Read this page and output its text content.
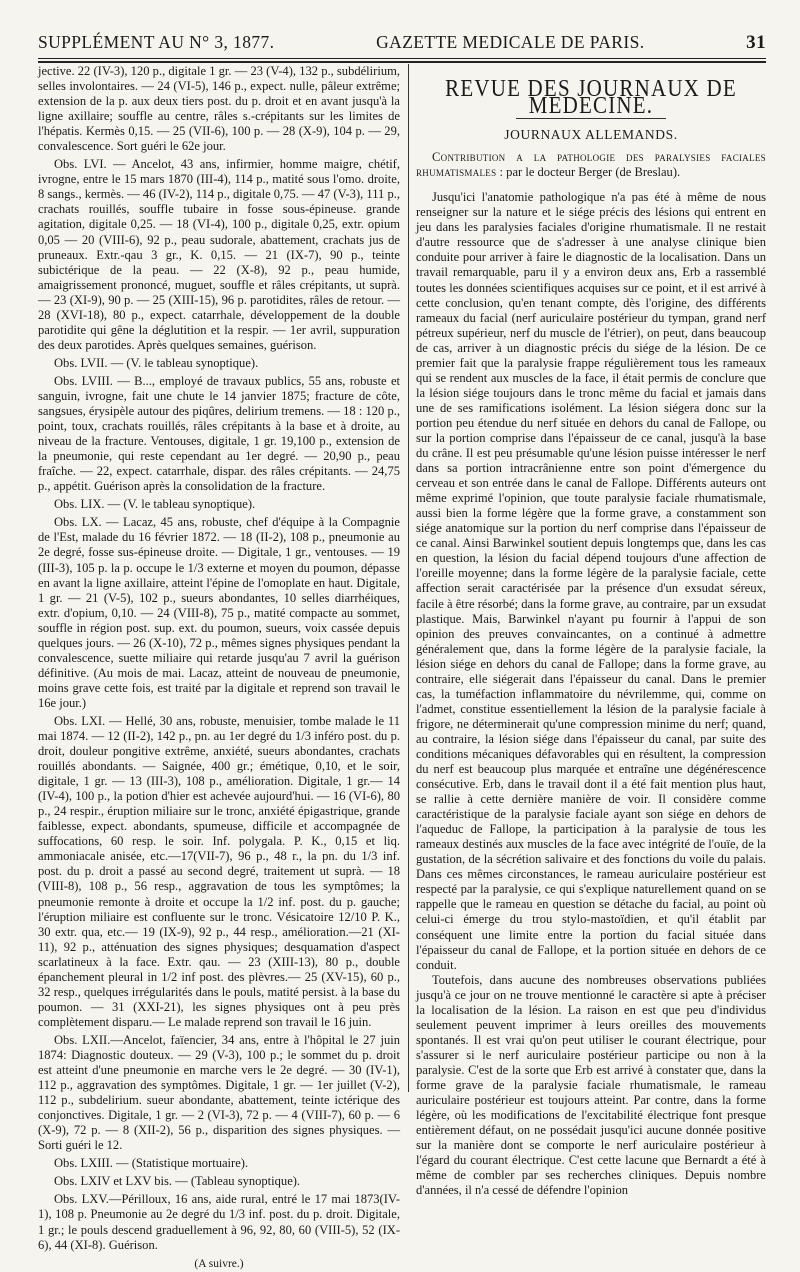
SUPPLÉMENT AU N° 3, 1877.	GAZETTE MEDICALE DE PARIS.	31

jective. 22 (IV-3), 120 p., digitale 1 gr. — 23 (V-4), 132 p., subdélirium, selles involontaires. — 24 (VI-5), 146 p., expect. nulle, pâleur extrême; extension de la p. aux deux tiers post. du p. droit et en avant jusqu'à la ligne axillaire; souffle au centre, râles s.-crépitants sur les limites de l'hépatis. Kermès 0,15. — 25 (VII-6), 100 p. — 28 (X-9), 104 p. — 29, convalescence. Sort guéri le 62e jour.

Obs. LVI. — Ancelot, 43 ans, infirmier, homme maigre, chétif, ivrogne, entre le 15 mars 1870 (III-4), 114 p., matité sous l'omo. droite, 8 sangs., kermès. — 46 (IV-2), 114 p., digitale 0,75. — 47 (V-3), 111 p., crachats rouillés, souffle tubaire in fosse sous-épineuse. grande agitation, digitale 0,25. — 18 (VI-4), 100 p., digitale 0,25, extr. opium 0,05 — 20 (VIII-6), 92 p., peau sudorale, abattement, crachats jus de pruneaux. Extr.-qau 3 gr., K. 0,15. — 21 (IX-7), 90 p., teinte subictérique de la peau. — 22 (X-8), 92 p., peau humide, amaigrissement prononcé, muguet, souffle et râles crépitants, ut suprà. — 23 (XI-9), 90 p. — 25 (XIII-15), 96 p. parotidites, râles de retour. — 28 (XVI-18), 80 p., expect. catarrhale, développement de la double parotidite qui gêne la déglutition et la respir. — 1er avril, suppuration des deux parotides. Après quelques semaines, guérison.

Obs. LVII. — (V. le tableau synoptique).

Obs. LVIII. — B..., employé de travaux publics, 55 ans, robuste et sanguin, ivrogne, fait une chute le 14 janvier 1875; fracture de côte, sangsues, érysipèle autour des piqûres, delirium tremens. — 18 : 120 p., point, toux, crachats rouillés, râles crépitants à la base et à droite, au niveau de la fracture. Ventouses, digitale, 1 gr. 19,100 p., extension de la pneumonie, qui reste cependant au 1er degré. — 20,90 p., peau fraîche. — 22, expect. catarrhale, dispar. des râles crépitants. — 24,75 p., appétit. Guérison après la consolidation de la fracture.

Obs. LIX. — (V. le tableau synoptique).

Obs. LX. — Lacaz, 45 ans, robuste, chef d'équipe à la Compagnie de l'Est, malade du 16 février 1872. — 18 (II-2), 108 p., pneumonie au 2e degré, fosse sus-épineuse droite. — Digitale, 1 gr., ventouses. — 19 (III-3), 105 p. la p. occupe le 1/3 externe et moyen du poumon, dépasse en avant la ligne axillaire, atteint l'épine de l'omoplate en haut. Digitale, 1 gr. — 21 (V-5), 102 p., sueurs abondantes, 10 selles diarrhéiques, extr. d'opium, 0,10. — 24 (VIII-8), 75 p., matité compacte au sommet, souffle in région post. sup. ext. du poumon, sueurs, voix cassée depuis quelques jours. — 26 (X-10), 72 p., mêmes signes physiques pendant la convalescence, suette miliaire qui retarde jusqu'au 7 avril la guérison définitive. (Au mois de mai. Lacaz, atteint de nouveau de pneumonie, moins grave cette fois, est traité par la digitale et reprend son travail le 16e jour.)

Obs. LXI. — Hellé, 30 ans, robuste, menuisier, tombe malade le 11 mai 1874. — 12 (II-2), 142 p., pn. au 1er degré du 1/3 inféro post. du p. droit, douleur pongitive extrême, anxiété, sueurs abondantes, crachats rouillés abondants. — Saignée, 400 gr.; émétique, 0,10, et le soir, digitale, 1 gr. — 13 (III-3), 108 p., amélioration. Digitale, 1 gr.— 14 (IV-4), 100 p., la potion d'hier est achevée aujourd'hui. — 16 (VI-6), 80 p., 24 respir., éruption miliaire sur le tronc, anxiété épigastrique, grande faiblesse, expect. abondants, spumeuse, difficile et accompagnée de suffocations, 60 resp. le soir. Inf. polygala. P. K., 0,15 et liq. ammoniacale anisée, etc.—17(VII-7), 96 p., 48 r., la pn. du 1/3 inf. post. du p. droit a passé au second degré, traitement ut suprà. — 18 (VIII-8), 108 p., 56 resp., aggravation de tous les symptômes; la pneumonie remonte à droite et occupe la 1/2 inf. post. du p. gauche; l'éruption miliaire est confluente sur le tronc. Vésicatoire 12/10 P. K., 30 extr. qua, etc.— 19 (IX-9), 92 p., 44 resp., amélioration.—21 (XI-11), 92 p., atténuation des signes physiques; desquamation d'aspect scarlatineux à la face. Extr. qau. — 23 (XIII-13), 80 p., double épanchement pleural in 1/2 inf post. des plèvres.— 25 (XV-15), 60 p., 32 resp., quelques irrégularités dans le pouls, matité persist. à la base du poumon. — 31 (XXI-21), les signes physiques ont à peu près complètement disparu.— Le malade reprend son travail le 16 juin.

Obs. LXII.—Ancelot, faïencier, 34 ans, entre à l'hôpital le 27 juin 1874: Diagnostic douteux. — 29 (V-3), 100 p.; le sommet du p. droit est atteint d'une pneumonie en marche vers le 2e degré. — 30 (IV-1), 112 p., aggravation des symptômes. Digitale, 1 gr. — 1er juillet (V-2), 112 p., subdelirium. sueur abondante, abattement, teinte ictérique des conjonctives. Digitale, 1 gr. — 2 (VI-3), 72 p. — 4 (VIII-7), 60 p. — 6 (X-9), 72 p. — 8 (XII-2), 56 p., disparition des signes physiques. — Sorti guéri le 12.

Obs. LXIII. — (Statistique mortuaire).

Obs. LXIV et LXV bis. — (Tableau synoptique).

Obs. LXV.—Périlloux, 16 ans, aide rural, entré le 17 mai 1873(IV-1), 108 p. Pneumonie au 2e degré du 1/3 inf. post. du p. droit. Digitale, 1 gr.; le pouls descend graduellement à 96, 92, 80, 60 (VIII-5), 52 (IX-6), 44 (XI-8). Guérison.

(A suivre.)

REVUE DES JOURNAUX DE MEDECINE.
JOURNAUX ALLEMANDS.

Contribution a la pathologie des paralysies faciales rhumatismales : par le docteur Berger (de Breslau).

Jusqu'ici l'anatomie pathologique n'a pas été à même de nous renseigner sur la nature et le siége précis des lésions qui entrent en jeu dans les paralysies faciales d'origine rhumatismale. Il ne restait d'autre ressource que de s'adresser à une analyse clinique bien conduite pour arriver à faire le diagnostic de la localisation. Dans un travail remarquable, paru il y a environ deux ans, Erb a rassemblé toutes les données scientifiques acquises sur ce point, et il est arrivé à cette conclusion, qu'en tenant compte, dès l'origine, des différents rameaux du facial (nerf auriculaire postérieur du tympan, grand nerf pétreux supérieur, nerf du muscle de l'étrier), on peut, dans beaucoup de cas, arriver à un diagnostic précis du siége de la lésion. De ce premier fait que la paralysie frappe régulièrement tous les rameaux qui se rendent aux muscles de la face, il était permis de conclure que la lésion siége toujours dans le tronc même du facial et jamais dans une de ses ramifications isolément. La lésion siégera donc sur la portion peu étendue du nerf située en dehors du canal de Fallope, ou sur la portion comprise dans l'épaisseur de ce canal, jusqu'à la base du crâne. Il est peu présumable qu'une lésion puisse intéresser le nerf dans sa portion intracrânienne entre son point d'émergence du cerveau et son entrée dans le canal de Fallope. Différents auteurs ont même exprimé l'opinion, que toute paralysie faciale rhumatismale, aussi bien la forme légère que la forme grave, a constamment son siége anatomique sur la portion du nerf comprise dans l'épaisseur de ce canal. Ainsi Barwinkel soutient depuis longtemps que, dans les cas en question, la lésion du facial dépend toujours d'une affection de l'oreille moyenne; dans la forme légère de la paralysie faciale, cette affection serait caractérisée par la présence d'un exsudat séreux, facile à être résorbé; dans la forme grave, au contraire, par un exsudat plastique. Mais, Barwinkel n'ayant pu fournir à l'appui de son opinion des preuves convaincantes, on a continué à admettre généralement que, dans la forme légère de la paralysie faciale, la lésion siége en dehors du canal de Fallope; dans la forme grave, au contraire, elle siégerait dans l'épaisseur du canal. Dans le premier cas, la tuméfaction inflammatoire du névrilemme, qui, comme on l'admet, constitue essentiellement la lésion de la paralysie faciale à frigore, ne déterminerait qu'une compression minime du nerf; quand, au contraire, la lésion siége dans l'épaisseur du canal, par suite des conditions mécaniques défavorables qui en résultent, la compression du nerf est beaucoup plus marquée et entraîne une dégénérescence consécutive. Erb, dans le travail dont il a été fait mention plus haut, se rallie à cette dernière manière de voir. Il considère comme caractéristique de la paralysie faciale ayant son siége en dehors de l'aqueduc de Fallope, la participation à la paralysie de tous les rameaux destinés aux muscles de la face avec intégrité de l'ouïe, de la gustation, de la sécrétion salivaire et des fonctions du voile du palais. Dans ces mêmes circonstances, le rameau auriculaire postérieur est respecté par la paralysie, ce qui s'explique naturellement quand on se rappelle que le rameau en question se détache du facial, au point où celui-ci émerge du trou stylo-mastoïdien, et qu'il établit par conséquent une limite entre la portion du facial située dans l'épaisseur du canal de Fallope, et la portion située en dehors de ce conduit.

Toutefois, dans aucune des nombreuses observations publiées jusqu'à ce jour on ne trouve mentionné le caractère si apte à préciser la localisation de la lésion. La raison en est que peu d'individus seulement peuvent imprimer à leurs oreilles des mouvements spontanés. Il est vrai qu'on peut utiliser le courant électrique, pour s'assurer si le nerf auriculaire postérieur participe ou non à la paralysie. C'est de la sorte que Erb est arrivé à constater que, dans la forme grave de la paralysie faciale rhumatismale, le rameau auriculaire postérieur est toujours atteint. Par contre, dans la forme légère, où les modifications de l'excitabilité électrique font presque entièrement défaut, on ne possédait jusqu'ici aucune donnée positive sur la manière dont se comporte le nerf auriculaire postérieur à l'égard du courant électrique. C'est cette lacune que Bernardt a été à même de combler par ses recherches cliniques. Depuis nombre d'années, il n'a cessé de défendre l'opinion
